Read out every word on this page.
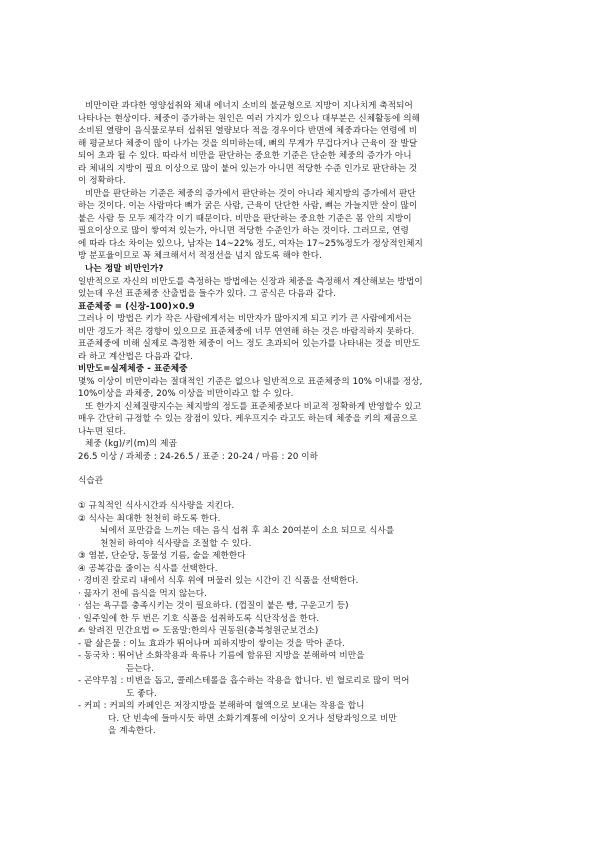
비만이란 과다한 영양섭취와 체내 에너지 소비의 불균형으로 지방이 지나치게 축적되어

나타나는 현상이다. 체중이 증가하는 원인은 여러 가지가 있으나 대부분은 신체활동에 의해

소비된 열량이 음식물로부터 섭취된 열량보다 적을 경우이다 반면에 체중과다는 연령에 비

해 평균보다 체중이 많이 나가는 것을 의미하는데, 뼈의 무게가 무겁다거나 근육이 잘 발달

되어 초과 될 수 있다. 따라서 비만을 판단하는 중요한 기준은 단순한 체중의 증가가 아니

라 체내의 지방이 필요 이상으로 많이 붙어 있는가 아니면 적당한 수준 인가로 판단하는 것

이 정확하다.

비만을 판단하는 기준은 체중의 증가에서 판단하는 것이 아니라 체지방의 증가에서 판단

하는 것이다. 이는 사람마다 뼈가 굵은 사람, 근육이 단단한 사람, 뼈는 가늘지만 살이 많이

붙은 사람 등 모두 제각각 이기 때문이다. 비만을 판단하는 중요한 기준은 몸 안의 지방이

필요이상으로 많이 쌓여져 있는가, 아니면 적당한 수준인가 하는 것이다. 그러므로, 연령

에 따라 다소 차이는 있으나, 남자는 14~22% 정도, 여자는 17~25%정도가 정상적인체지

방 분포율이므로 꼭 체크해서서 적정선을 넘지 않도록 해야 한다.

나는 정말 비만인가?

일반적으로 자신의 비만도를 측정하는 방법에는 신장과 체중을 측정해서 계산해보는 방법이

있는데 우선 표준체중 산출법을 들수가 있다. 그 공식은 다음과 같다.

표준체중 = (신장-100)×0.9

그러나 이 방법은 키가 작은 사람에게서는 비만자가 많아지게 되고 키가 큰 사람에게서는

비만 경도가 적은 경향이 있으므로 표준체중에 너무 연연해 하는 것은 바람직하지 못하다.

표준체중에 비해 실제로 측정한 체중이 어느 정도 초과되어 있는가를 나타내는 것을 비만도

라 하고 계산법은 다음과 같다.

비만도=실제체중 - 표준체중

몇% 이상이 비만이라는 절대적인 기준은 없으나 일반적으로 표준체중의 10% 이내를 정상,

10%이상을 과체중, 20% 이상을 비만이라고 할 수 있다.

또 한가지 신체질량지수는 체지방의 정도를 표준체중보다 비교적 정확하게 반영할수 있고

매우 간단히 규정할 수 있는 장점이 있다. 케우프지수 라고도 하는데 체중을 키의 제곱으로

나누면 된다.

체중 (kg)/키(m)의 제곱

26.5 이상 / 과체중 : 24-26.5 / 표준 : 20-24 / 마름 : 20 이하

식습관

① 규칙적인 식사시간과 식사량을 지킨다.

② 식사는 최대한 천천히 하도록 한다.

뇌에서 포만감을 느끼는 데는 음식 섭취 후 최소 20여분이 소요 되므로 식사를

천천히 하여야 식사량을 조절할 수 있다.

③ 염분, 단순당, 동물성 기름, 술을 제한한다

④ 공복감을 줄이는 식사를 선택한다.

· 경비진 칼로리 내에서 식후 위에 머물러 있는 시간이 긴 식품을 선택한다.

· 끓자기 전에 음식을 먹지 않는다.

· 섬는 욕구를 충족시키는 것이 필요하다. (껍질이 붙은 빵, 구운고기 등)

· 일주일에 한 두 번은 기호 식품을 섭취하도록 식단작성을 한다.

✍ 알려진 민간요법 ✏ 도움말:한의사 권동원(충북청원군보건소)

- 팥 삶은물 : 이뇨 효과가 뛰어나며 피하지방이 쌓이는 것을 막아 준다.

- 동국차 : 뛰어난 소화작용과 육류나 기름에 함유된 지방을 분해하여 비만을

듣는다.

- 곤약무침 : 비변을 돕고, 콜레스테롤을 흡수하는 작용을 합니다. 빈 혈로리로 많이 먹어

도 좋다.

- 커피 : 커피의 카페인은 저장지방을 분해하여 혈액으로 보내는 작용을 합니

다. 단 빈속에 들마시듯 하면 소화기계통에 이상이 오거나 설탕과잉으로 비만

을 계속한다.
